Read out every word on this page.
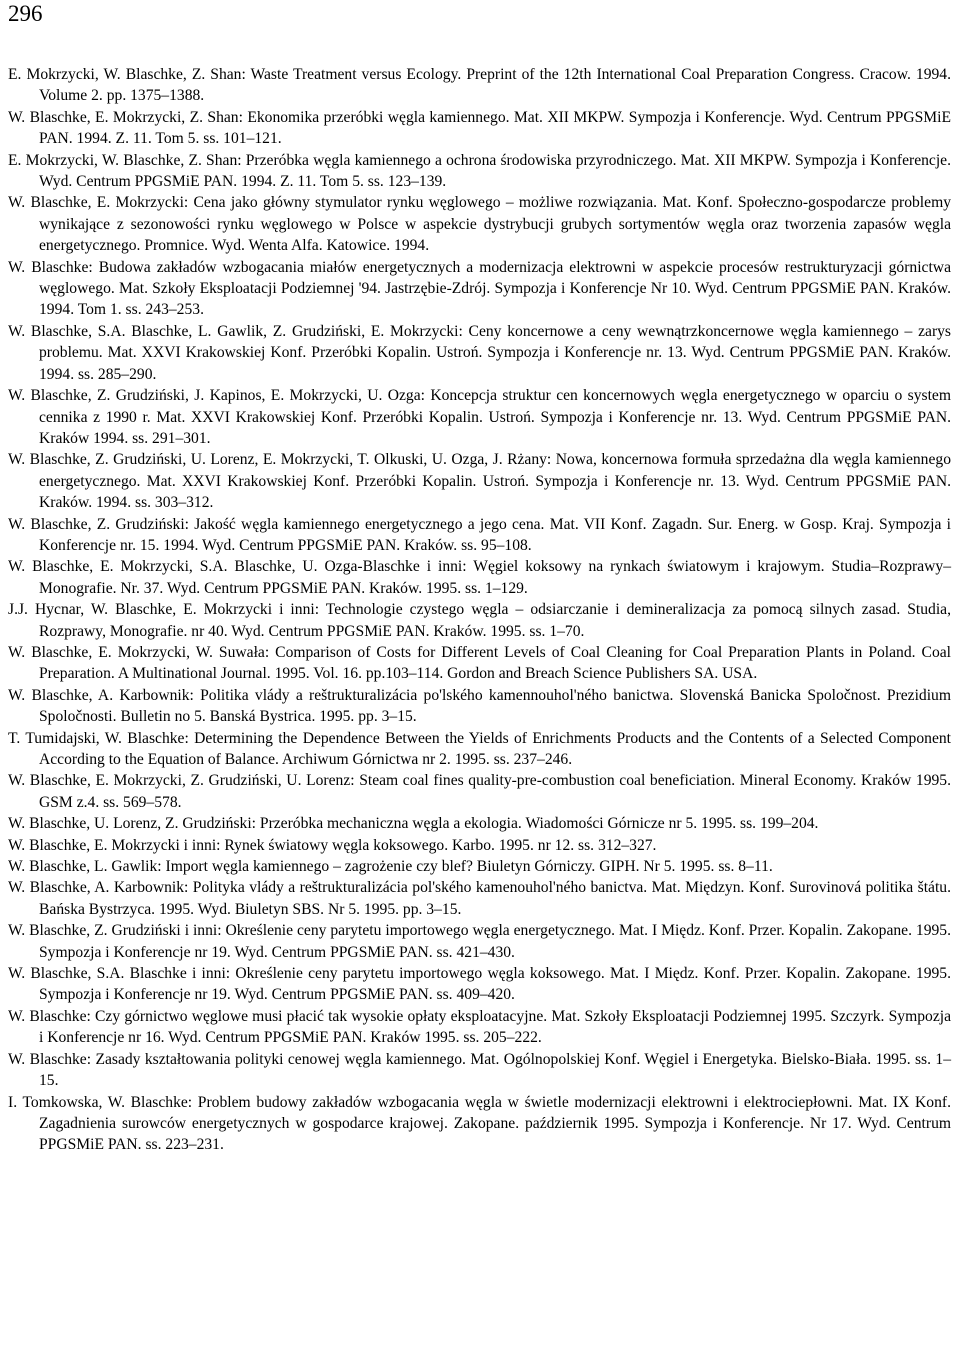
296

E. Mokrzycki, W. Blaschke, Z. Shan: Waste Treatment versus Ecology. Preprint of the 12th International Coal Preparation Congress. Cracow. 1994. Volume 2. pp. 1375–1388.

W. Blaschke, E. Mokrzycki, Z. Shan: Ekonomika przeróbki węgla kamiennego. Mat. XII MKPW. Sympozja i Konferencje. Wyd. Centrum PPGSMiE PAN. 1994. Z. 11. Tom 5. ss. 101–121.

E. Mokrzycki, W. Blaschke, Z. Shan: Przeróbka węgla kamiennego a ochrona środowiska przyrodniczego. Mat. XII MKPW. Sympozja i Konferencje. Wyd. Centrum PPGSMiE PAN. 1994. Z. 11. Tom 5. ss. 123–139.

W. Blaschke, E. Mokrzycki: Cena jako główny stymulator rynku węglowego – możliwe rozwiązania. Mat. Konf. Społeczno-gospodarcze problemy wynikające z sezonowości rynku węglowego w Polsce w aspekcie dystrybucji grubych sortymentów węgla oraz tworzenia zapasów węgla energetycznego. Promnice. Wyd. Wenta Alfa. Katowice. 1994.

W. Blaschke: Budowa zakładów wzbogacania miałów energetycznych a modernizacja elektrowni w aspekcie procesów restrukturyzacji górnictwa węglowego. Mat. Szkoły Eksploatacji Podziemnej '94. Jastrzębie-Zdrój. Sympozja i Konferencje Nr 10. Wyd. Centrum PPGSMiE PAN. Kraków. 1994. Tom 1. ss. 243–253.

W. Blaschke, S.A. Blaschke, L. Gawlik, Z. Grudziński, E. Mokrzycki: Ceny koncernowe a ceny wewnątrzkoncernowe węgla kamiennego – zarys problemu. Mat. XXVI Krakowskiej Konf. Przeróbki Kopalin. Ustroń. Sympozja i Konferencje nr. 13. Wyd. Centrum PPGSMiE PAN. Kraków. 1994. ss. 285–290.

W. Blaschke, Z. Grudziński, J. Kapinos, E. Mokrzycki, U. Ozga: Koncepcja struktur cen koncernowych węgla energetycznego w oparciu o system cennika z 1990 r. Mat. XXVI Krakowskiej Konf. Przeróbki Kopalin. Ustroń. Sympozja i Konferencje nr. 13. Wyd. Centrum PPGSMiE PAN. Kraków 1994. ss. 291–301.

W. Blaschke, Z. Grudziński, U. Lorenz, E. Mokrzycki, T. Olkuski, U. Ozga, J. Rżany: Nowa, koncernowa formuła sprzedażna dla węgla kamiennego energetycznego. Mat. XXVI Krakowskiej Konf. Przeróbki Kopalin. Ustroń. Sympozja i Konferencje nr. 13. Wyd. Centrum PPGSMiE PAN. Kraków. 1994. ss. 303–312.

W. Blaschke, Z. Grudziński: Jakość węgla kamiennego energetycznego a jego cena. Mat. VII Konf. Zagadn. Sur. Energ. w Gosp. Kraj. Sympozja i Konferencje nr. 15. 1994. Wyd. Centrum PPGSMiE PAN. Kraków. ss. 95–108.

W. Blaschke, E. Mokrzycki, S.A. Blaschke, U. Ozga-Blaschke i inni: Węgiel koksowy na rynkach światowym i krajowym. Studia–Rozprawy–Monografie. Nr. 37. Wyd. Centrum PPGSMiE PAN. Kraków. 1995. ss. 1–129.

J.J. Hycnar, W. Blaschke, E. Mokrzycki i inni: Technologie czystego węgla – odsiarczanie i demineralizacja za pomocą silnych zasad. Studia, Rozprawy, Monografie. nr 40. Wyd. Centrum PPGSMiE PAN. Kraków. 1995. ss. 1–70.

W. Blaschke, E. Mokrzycki, W. Suwała: Comparison of Costs for Different Levels of Coal Cleaning for Coal Preparation Plants in Poland. Coal Preparation. A Multinational Journal. 1995. Vol. 16. pp.103–114. Gordon and Breach Science Publishers SA. USA.

W. Blaschke, A. Karbownik: Politika vlády a reštrukturalizácia po'lského kamennouhol'ného banictwa. Slovenská Banicka Spoločnost. Prezidium Spoločnosti. Bulletin no 5. Banská Bystrica. 1995. pp. 3–15.

T. Tumidajski, W. Blaschke: Determining the Dependence Between the Yields of Enrichments Products and the Contents of a Selected Component According to the Equation of Balance. Archiwum Górnictwa nr 2. 1995. ss. 237–246.

W. Blaschke, E. Mokrzycki, Z. Grudziński, U. Lorenz: Steam coal fines quality-pre-combustion coal beneficiation. Mineral Economy. Kraków 1995. GSM z.4. ss. 569–578.

W. Blaschke, U. Lorenz, Z. Grudziński: Przeróbka mechaniczna węgla a ekologia. Wiadomości Górnicze nr 5. 1995. ss. 199–204.

W. Blaschke, E. Mokrzycki i inni: Rynek światowy węgla koksowego. Karbo. 1995. nr 12. ss. 312–327.

W. Blaschke, L. Gawlik: Import węgla kamiennego – zagrożenie czy blef? Biuletyn Górniczy. GIPH. Nr 5. 1995. ss. 8–11.

W. Blaschke, A. Karbownik: Polityka vlády a reštrukturalizácia pol'ského kamenouhol'ného banictva. Mat. Międzyn. Konf. Surovinová politika štátu. Bańska Bystrzyca. 1995. Wyd. Biuletyn SBS. Nr 5. 1995. pp. 3–15.

W. Blaschke, Z. Grudziński i inni: Określenie ceny parytetu importowego węgla energetycznego. Mat. I Międz. Konf. Przer. Kopalin. Zakopane. 1995. Sympozja i Konferencje nr 19. Wyd. Centrum PPGSMiE PAN. ss. 421–430.

W. Blaschke, S.A. Blaschke i inni: Określenie ceny parytetu importowego węgla koksowego. Mat. I Międz. Konf. Przer. Kopalin. Zakopane. 1995. Sympozja i Konferencje nr 19. Wyd. Centrum PPGSMiE PAN. ss. 409–420.

W. Blaschke: Czy górnictwo węglowe musi płacić tak wysokie opłaty eksploatacyjne. Mat. Szkoły Eksploatacji Podziemnej 1995. Szczyrk. Sympozja i Konferencje nr 16. Wyd. Centrum PPGSMiE PAN. Kraków 1995. ss. 205–222.

W. Blaschke: Zasady kształtowania polityki cenowej węgla kamiennego. Mat. Ogólnopolskiej Konf. Węgiel i Energetyka. Bielsko-Biała. 1995. ss. 1–15.

I. Tomkowska, W. Blaschke: Problem budowy zakładów wzbogacania węgla w świetle modernizacji elektrowni i elektrociepłowni. Mat. IX Konf. Zagadnienia surowców energetycznych w gospodarce krajowej. Zakopane. październik 1995. Sympozja i Konferencje. Nr 17. Wyd. Centrum PPGSMiE PAN. ss. 223–231.
